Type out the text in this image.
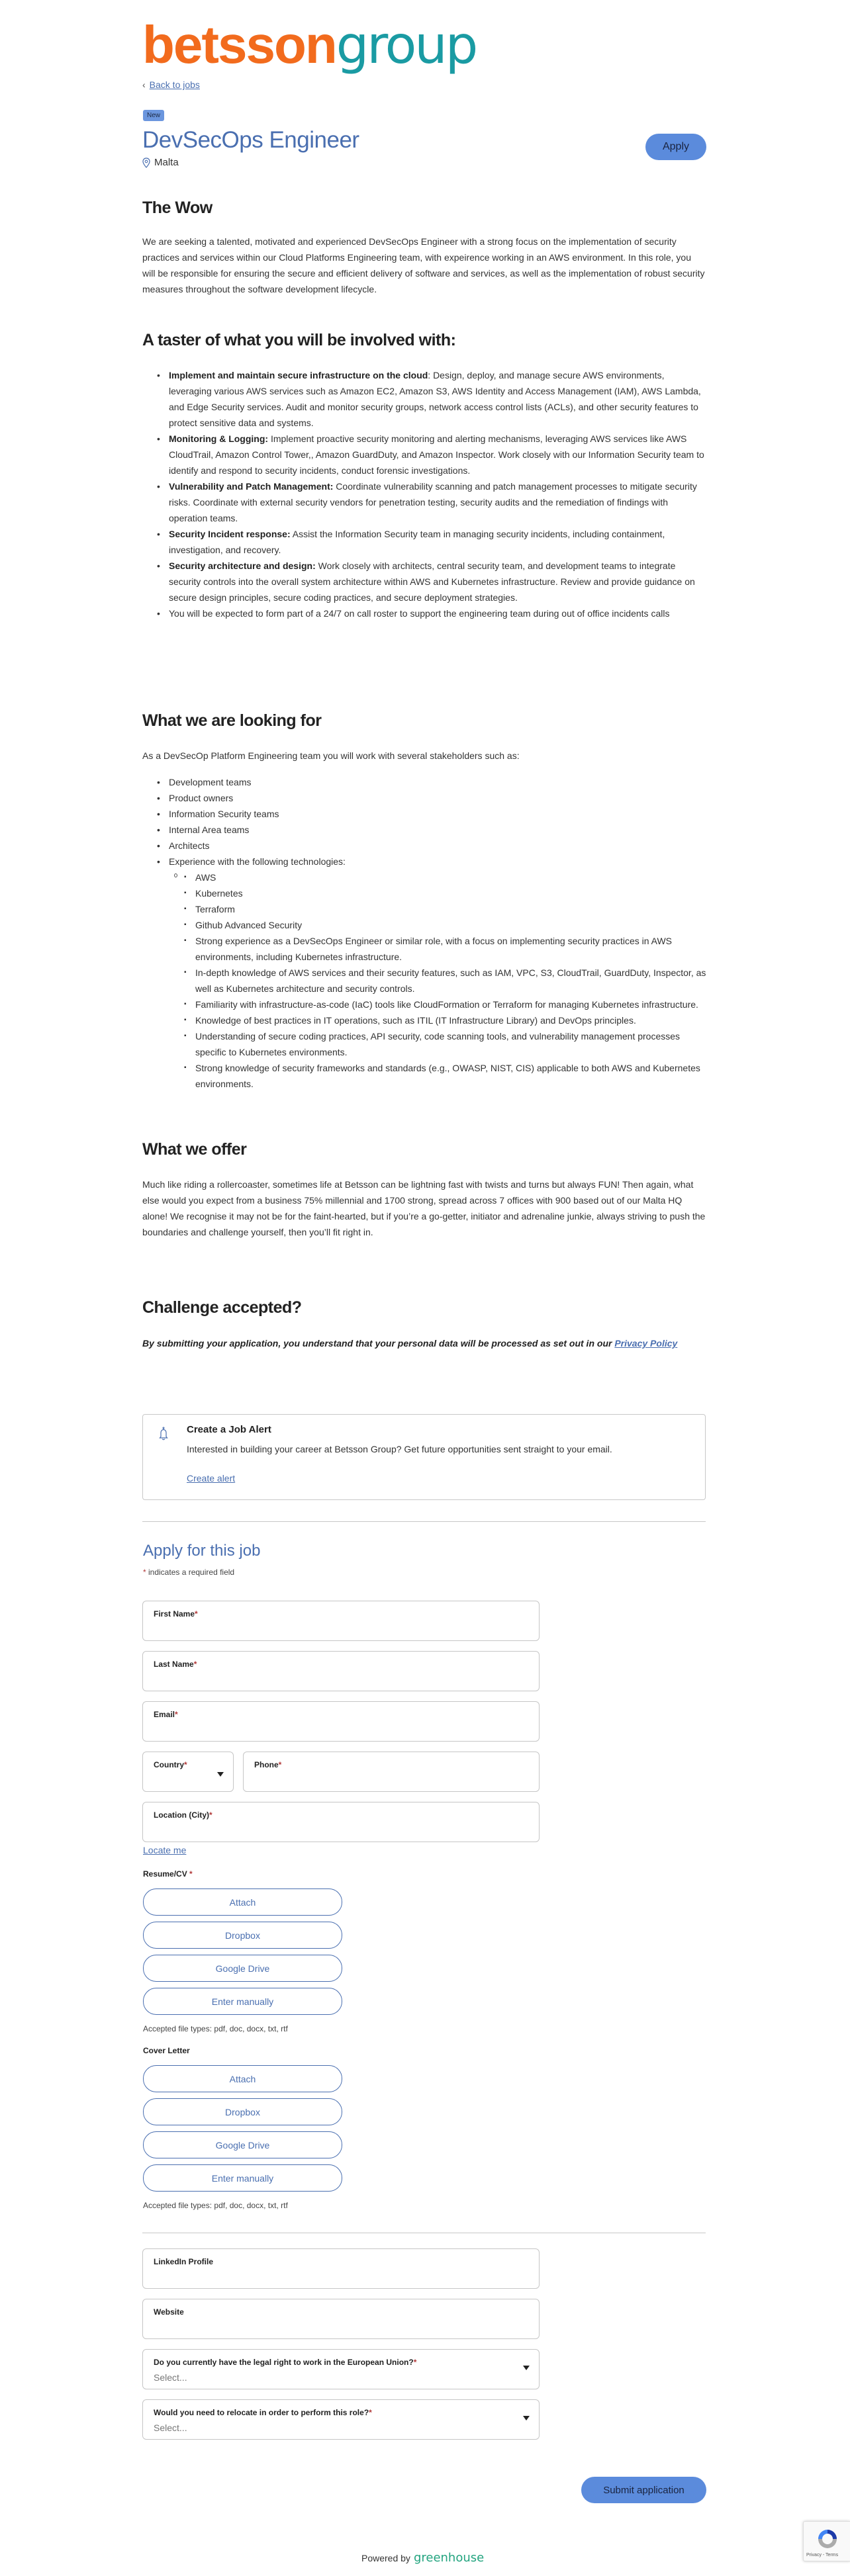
betsson group
‹ Back to jobs
New
DevSecOps Engineer
Malta
Apply
The Wow

We are seeking a talented, motivated and experienced DevSecOps Engineer with a strong focus on the implementation of security practices and services within our Cloud Platforms Engineering team, with expeirence working in an AWS environment. In this role, you will be responsible for ensuring the secure and efficient delivery of software and services, as well as the implementation of robust security measures throughout the software development lifecycle.

A taster of what you will be involved with:
• Implement and maintain secure infrastructure on the cloud: Design, deploy, and manage secure AWS environments, leveraging various AWS services such as Amazon EC2, Amazon S3, AWS Identity and Access Management (IAM), AWS Lambda, and Edge Security services. Audit and monitor security groups, network access control lists (ACLs), and other security features to protect sensitive data and systems.
• Monitoring & Logging: Implement proactive security monitoring and alerting mechanisms, leveraging AWS services like AWS CloudTrail, Amazon Control Tower,, Amazon GuardDuty, and Amazon Inspector. Work closely with our Information Security team to identify and respond to security incidents, conduct forensic investigations.
• Vulnerability and Patch Management: Coordinate vulnerability scanning and patch management processes to mitigate security risks. Coordinate with external security vendors for penetration testing, security audits and the remediation of findings with operation teams.
• Security Incident response: Assist the Information Security team in managing security incidents, including containment, investigation, and recovery.
• Security architecture and design: Work closely with architects, central security team, and development teams to integrate security controls into the overall system architecture within AWS and Kubernetes infrastructure. Review and provide guidance on secure design principles, secure coding practices, and secure deployment strategies.
• You will be expected to form part of a 24/7 on call roster to support the engineering team during out of office incidents calls
What we are looking for

As a DevSecOp Platform Engineering team you will work with several stakeholders such as:

• Development teams
• Product owners
• Information Security teams
• Internal Area teams
• Architects
• Experience with the following technologies:
▪ AWS
▪ Kubernetes
▪ Terraform
▪ Github Advanced Security
▪ Strong experience as a DevSecOps Engineer or similar role, with a focus on implementing security practices in AWS environments, including Kubernetes infrastructure.
▪ In-depth knowledge of AWS services and their security features, such as IAM, VPC, S3, CloudTrail, GuardDuty, Inspector, as well as Kubernetes architecture and security controls.
▪ Familiarity with infrastructure-as-code (IaC) tools like CloudFormation or Terraform for managing Kubernetes infrastructure.
▪ Knowledge of best practices in IT operations, such as ITIL (IT Infrastructure Library) and DevOps principles.
▪ Understanding of secure coding practices, API security, code scanning tools, and vulnerability management processes specific to Kubernetes environments.
▪ Strong knowledge of security frameworks and standards (e.g., OWASP, NIST, CIS) applicable to both AWS and Kubernetes environments.
What we offer

Much like riding a rollercoaster, sometimes life at Betsson can be lightning fast with twists and turns but always FUN! Then again, what else would you expect from a business 75% millennial and 1700 strong, spread across 7 offices with 900 based out of our Malta HQ alone! We recognise it may not be for the faint-hearted, but if you’re a go-getter, initiator and adrenaline junkie, always striving to push the boundaries and challenge yourself, then you’ll fit right in.

Challenge accepted?

By submitting your application, you understand that your personal data will be processed as set out in our Privacy Policy

Create a Job Alert
Interested in building your career at Betsson Group? Get future opportunities sent straight to your email.
Create alert
Apply for this job
* indicates a required field
First Name*
Last Name*
Email*
Country*	Phone*
Location (City)*
Locate me
Resume/CV *
Attach
Dropbox
Google Drive
Enter manually
Accepted file types: pdf, doc, docx, txt, rtf
Cover Letter
Attach
Dropbox
Google Drive
Enter manually
Accepted file types: pdf, doc, docx, txt, rtf
LinkedIn Profile
Website
Do you currently have the legal right to work in the European Union?*
Select...
Would you need to relocate in order to perform this role?*
Select...
Submit application
Powered by greenhouse	Privacy - Terms
